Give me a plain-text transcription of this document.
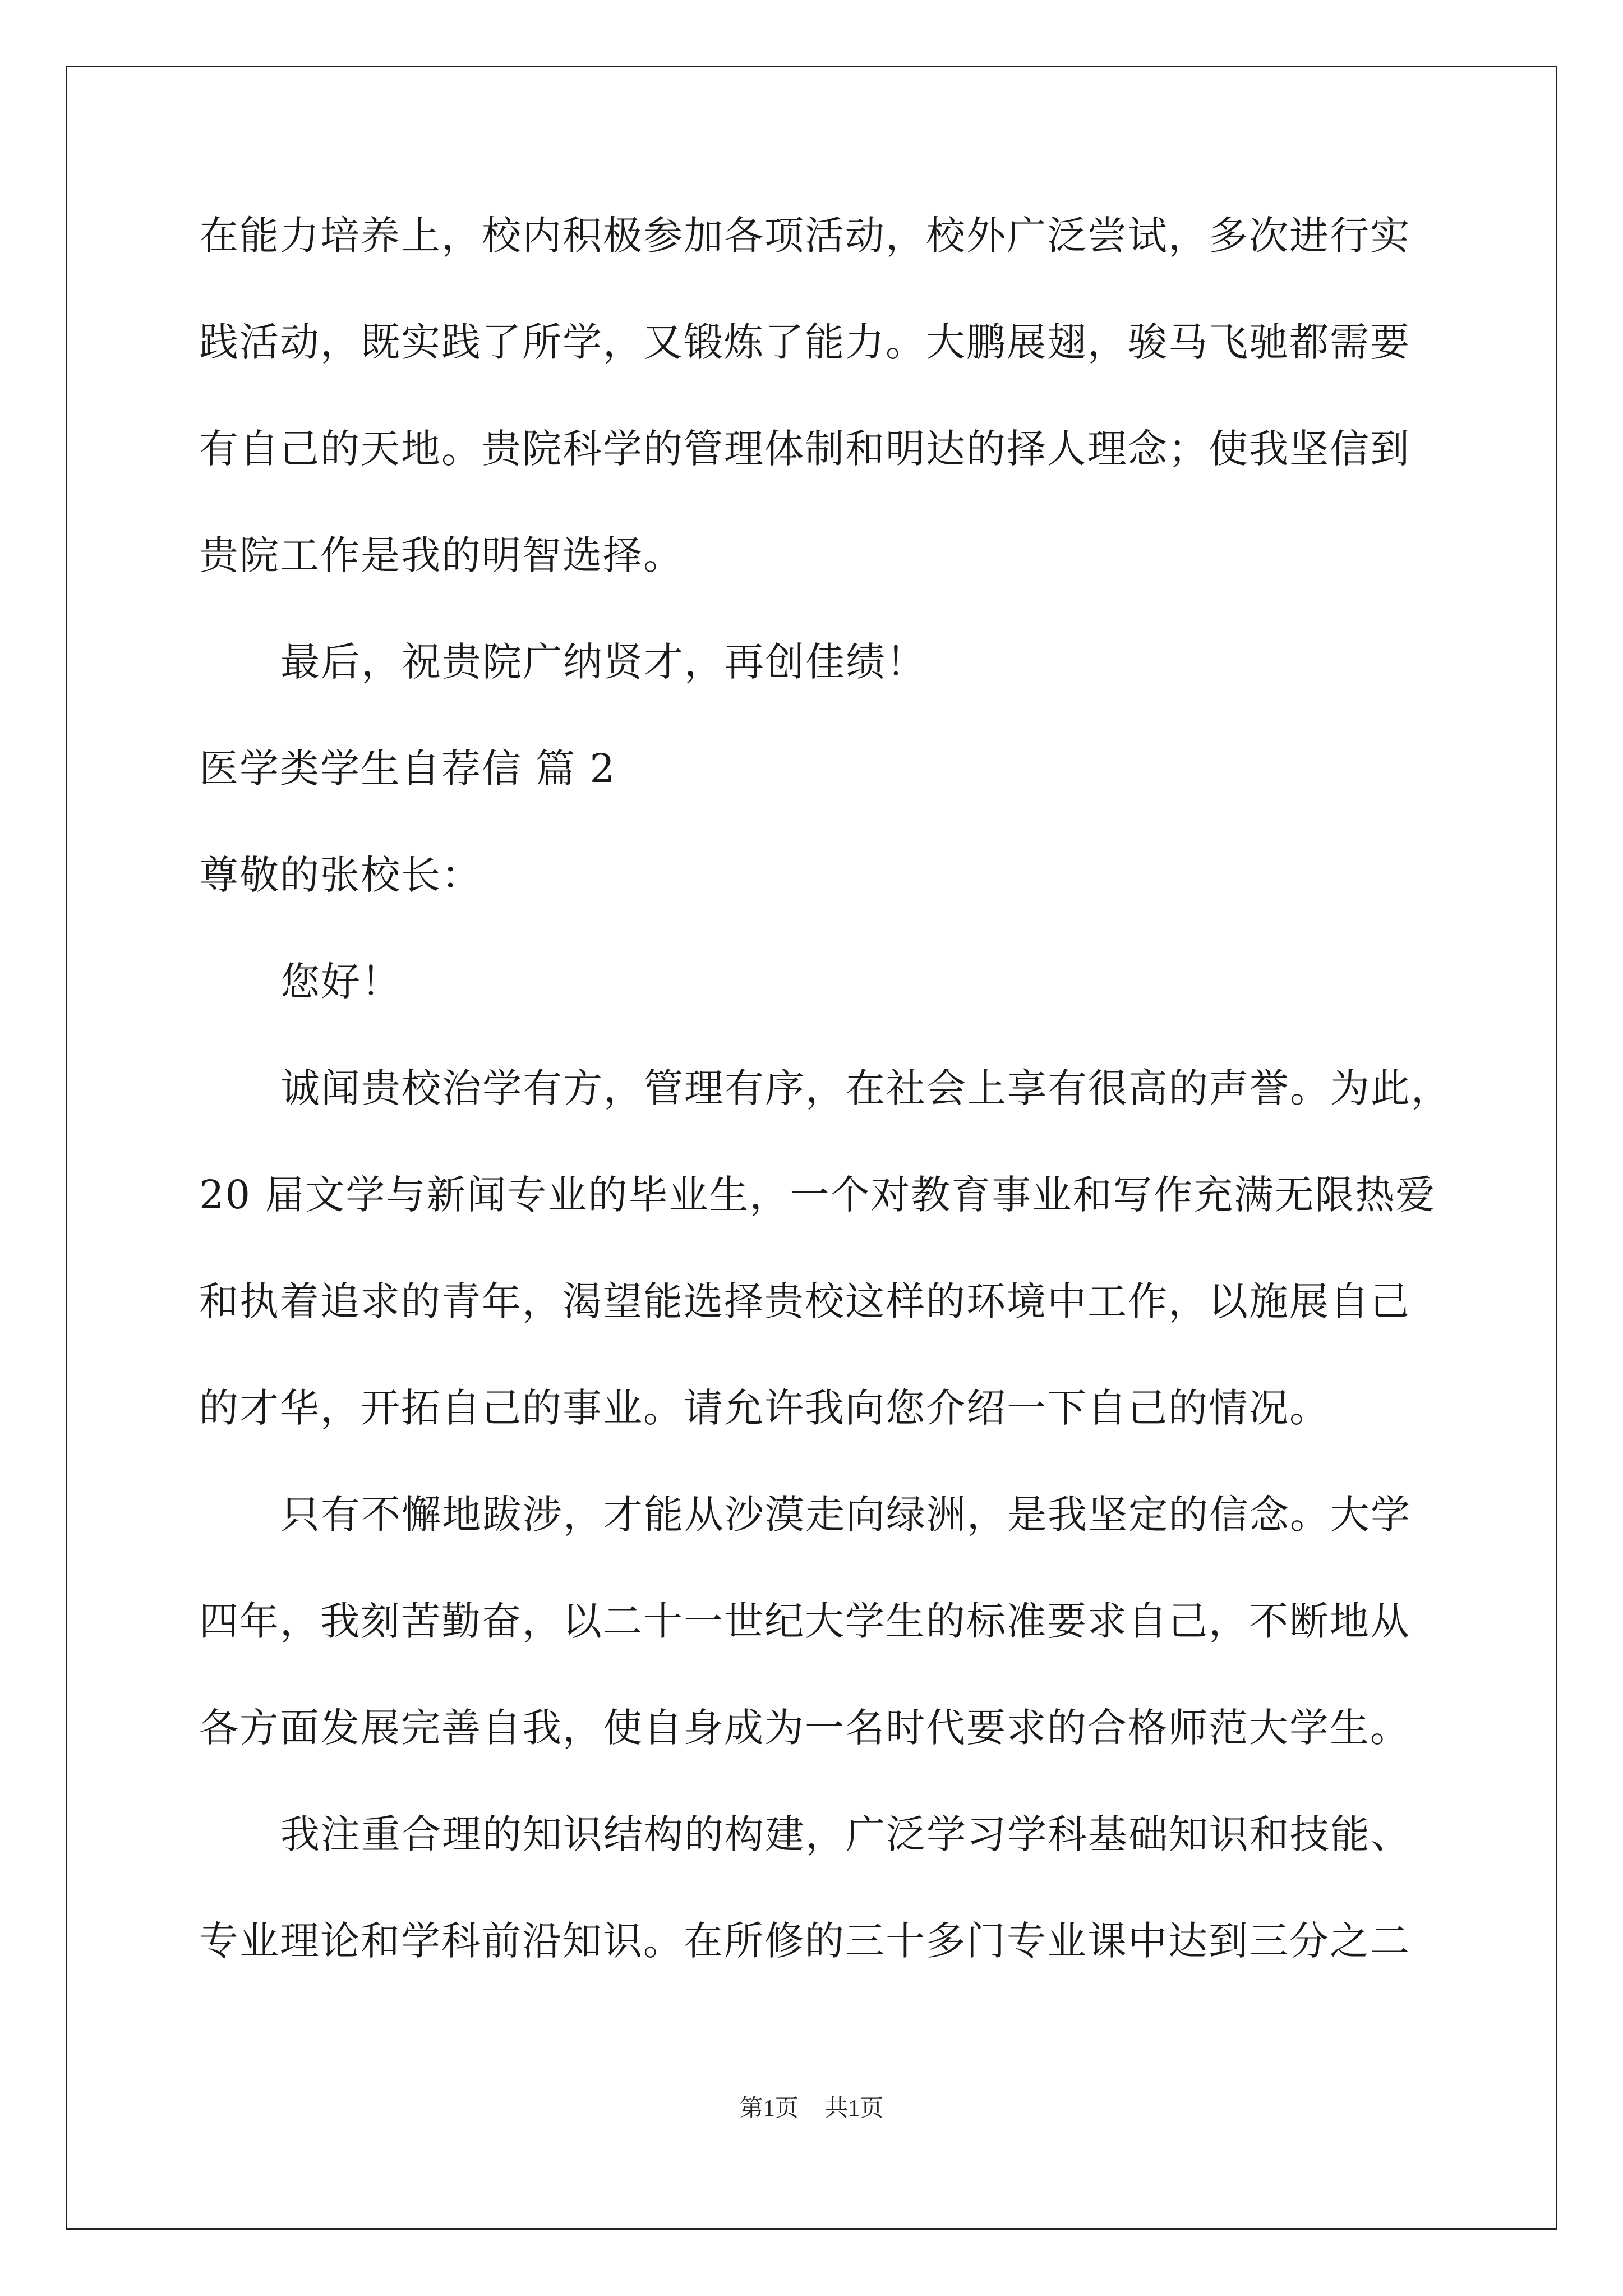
在能力培养上，校内积极参加各项活动，校外广泛尝试，多次进行实
践活动，既实践了所学，又锻炼了能力。大鹏展翅，骏马飞驰都需要
有自己的天地。贵院科学的管理体制和明达的择人理念；使我坚信到
贵院工作是我的明智选择。
最后，祝贵院广纳贤才，再创佳绩！
医学类学生自荐信 篇 2
尊敬的张校长：
您好！
诚闻贵校治学有方，管理有序，在社会上享有很高的声誉。为此，
20 届文学与新闻专业的毕业生，一个对教育事业和写作充满无限热爱
和执着追求的青年，渴望能选择贵校这样的环境中工作，以施展自己
的才华，开拓自己的事业。请允许我向您介绍一下自己的情况。
只有不懈地跋涉，才能从沙漠走向绿洲，是我坚定的信念。大学
四年，我刻苦勤奋，以二十一世纪大学生的标准要求自己，不断地从
各方面发展完善自我，使自身成为一名时代要求的合格师范大学生。
我注重合理的知识结构的构建，广泛学习学科基础知识和技能、
专业理论和学科前沿知识。在所修的三十多门专业课中达到三分之二
第1页 共1页
